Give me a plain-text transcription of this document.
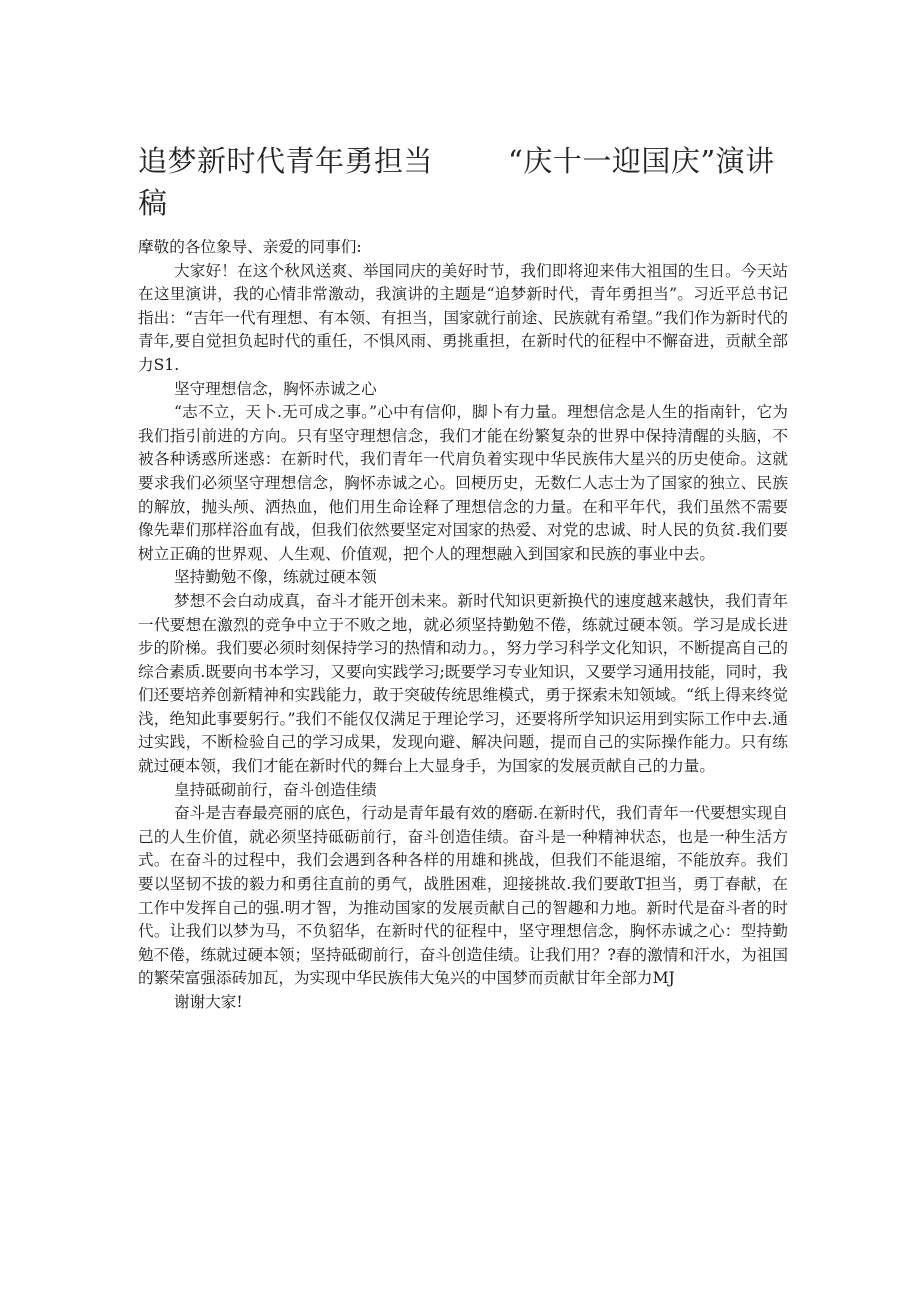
追梦新时代青年勇担当	“庆十一迎国庆”演讲
稿

摩敬的各位象导、亲爱的同事们:

大家好！在这个秋风送爽、举国同庆的美好时节，我们即将迎来伟大祖国的生日。今天站在这里演讲，我的心情非常激动，我演讲的主题是“追梦新时代，青年勇担当”。习近平总书记指出：“吉年一代有理想、有本领、有担当，国家就行前途、民族就有希望。”我们作为新时代的青年,要自觉担负起时代的重任，不惧风雨、勇挑重担，在新时代的征程中不懈奋进，贡献全部力S1.

坚守理想信念，胸怀赤诚之心

“志不立，天卜.无可成之事。”心中有信仰，脚卜有力量。理想信念是人生的指南针，它为我们指引前进的方向。只有坚守理想信念，我们才能在纷繁复杂的世界中保持清醒的头脑，不被各种诱惑所迷惑：在新时代，我们青年一代肩负着实现中华民族伟大星兴的历史使命。这就要求我们必须坚守理想信念，胸怀赤诚之心。回梗历史，无数仁人志士为了国家的独立、民族的解放，抛头颅、洒热血，他们用生命诠释了理想信念的力量。在和平年代，我们虽然不需要像先辈们那样浴血有战，但我们依然要坚定对国家的热爱、对党的忠诚、时人民的负贫.我们要树立正确的世界观、人生观、价值观，把个人的理想融入到国家和民族的事业中去。

坚持勤勉不像，练就过硬本领

梦想不会白动成真，奋斗才能开创未来。新时代知识更新换代的速度越来越快，我们青年一代要想在激烈的竞争中立于不败之地，就必须坚持勤勉不倦，练就过硬本领。学习是成长进步的阶梯。我们要必须时刻保持学习的热情和动力。，努力学习科学文化知识，不断提高自己的综合素质.既要向书本学习，又要向实践学习;既要学习专业知识，又要学习通用技能，同时，我们还要培养创新精神和实践能力，敢于突破传统思维模式，勇于探索未知领域。“纸上得来终觉浅，绝知此事要躬行。”我们不能仅仅满足于理论学习，还要将所学知识运用到实际工作中去.通过实践，不断检验自己的学习成果，发现向避、解决问题，提而自己的实际操作能力。只有练就过硬本领，我们才能在新时代的舞台上大显身手，为国家的发展贡献自己的力量。

皇持砥砌前行，奋斗创造佳绩

奋斗是吉春最亮丽的底色，行动是青年最有效的磨砺.在新时代，我们青年一代要想实现自己的人生价值，就必须坚持砥砺前行，奋斗创造佳绩。奋斗是一种精神状态，也是一种生活方式。在奋斗的过程中，我们会遇到各种各样的用雄和挑战，但我们不能退缩，不能放弃。我们要以坚韧不拔的毅力和勇往直前的勇气，战胜困难，迎接挑故.我们要敢T担当，勇丁春献，在工作中发挥自己的强.明才智，为推动国家的发展贡献自己的智趣和力地。新时代是奋斗者的时代。让我们以梦为马，不负貂华，在新时代的征程中，坚守理想信念，胸怀赤诚之心：型持勤勉不倦，练就过硬本领；坚持砥砌前行，奋斗创造佳绩。让我们用？?春的激情和汗水，为祖国的繁荣富强添砖加瓦，为实现中华民族伟大兔兴的中国梦而贡献甘年全部力MJ

谢谢大家!
